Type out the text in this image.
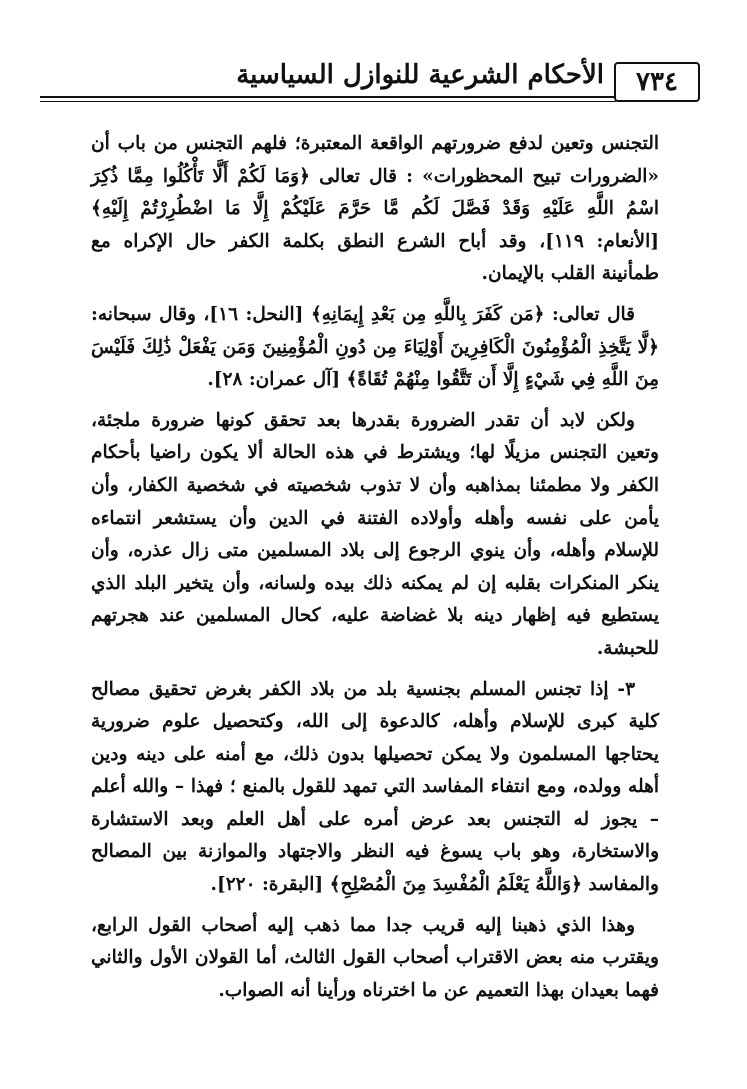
٧٣٤
الأحكام الشرعية للنوازل السياسية

التجنس وتعين لدفع ضرورتهم الواقعة المعتبرة؛ فلهم التجنس من باب أن «الضرورات تبيح المحظورات» : قال تعالى ﴿وَمَا لَكُمْ أَلَّا تَأْكُلُوا مِمَّا ذُكِرَ اسْمُ اللَّهِ عَلَيْهِ وَقَدْ فَصَّلَ لَكُم مَّا حَرَّمَ عَلَيْكُمْ إِلَّا مَا اضْطُرِرْتُمْ إِلَيْهِ﴾ [الأنعام: ١١٩]، وقد أباح الشرع النطق بكلمة الكفر حال الإكراه مع طمأنينة القلب بالإيمان.

قال تعالى: ﴿مَن كَفَرَ بِاللَّهِ مِن بَعْدِ إِيمَانِهِ﴾ [النحل: ١٦]، وقال سبحانه: ﴿لَّا يَتَّخِذِ الْمُؤْمِنُونَ الْكَافِرِينَ أَوْلِيَاءَ مِن دُونِ الْمُؤْمِنِينَ وَمَن يَفْعَلْ ذَٰلِكَ فَلَيْسَ مِنَ اللَّهِ فِي شَيْءٍ إِلَّا أَن تَتَّقُوا مِنْهُمْ تُقَاةً﴾ [آل عمران: ٢٨].

ولكن لابد أن تقدر الضرورة بقدرها بعد تحقق كونها ضرورة ملجئة، وتعين التجنس مزيلًا لها؛ ويشترط في هذه الحالة ألا يكون راضيا بأحكام الكفر ولا مطمئنا بمذاهبه وأن لا تذوب شخصيته في شخصية الكفار، وأن يأمن على نفسه وأهله وأولاده الفتنة في الدين وأن يستشعر انتماءه للإسلام وأهله، وأن ينوي الرجوع إلى بلاد المسلمين متى زال عذره، وأن ينكر المنكرات بقلبه إن لم يمكنه ذلك بيده ولسانه، وأن يتخير البلد الذي يستطيع فيه إظهار دينه بلا غضاضة عليه، كحال المسلمين عند هجرتهم للحبشة.

٣- إذا تجنس المسلم بجنسية بلد من بلاد الكفر بغرض تحقيق مصالح كلية كبرى للإسلام وأهله، كالدعوة إلى الله، وكتحصيل علوم ضرورية يحتاجها المسلمون ولا يمكن تحصيلها بدون ذلك، مع أمنه على دينه ودين أهله وولده، ومع انتفاء المفاسد التي تمهد للقول بالمنع ؛ فهذا – والله أعلم – يجوز له التجنس بعد عرض أمره على أهل العلم وبعد الاستشارة والاستخارة، وهو باب يسوغ فيه النظر والاجتهاد والموازنة بين المصالح والمفاسد ﴿وَاللَّهُ يَعْلَمُ الْمُفْسِدَ مِنَ الْمُصْلِحِ﴾ [البقرة: ٢٢٠].

وهذا الذي ذهبنا إليه قريب جدا مما ذهب إليه أصحاب القول الرابع، ويقترب منه بعض الاقتراب أصحاب القول الثالث، أما القولان الأول والثاني فهما بعيدان بهذا التعميم عن ما اخترناه ورأينا أنه الصواب.
